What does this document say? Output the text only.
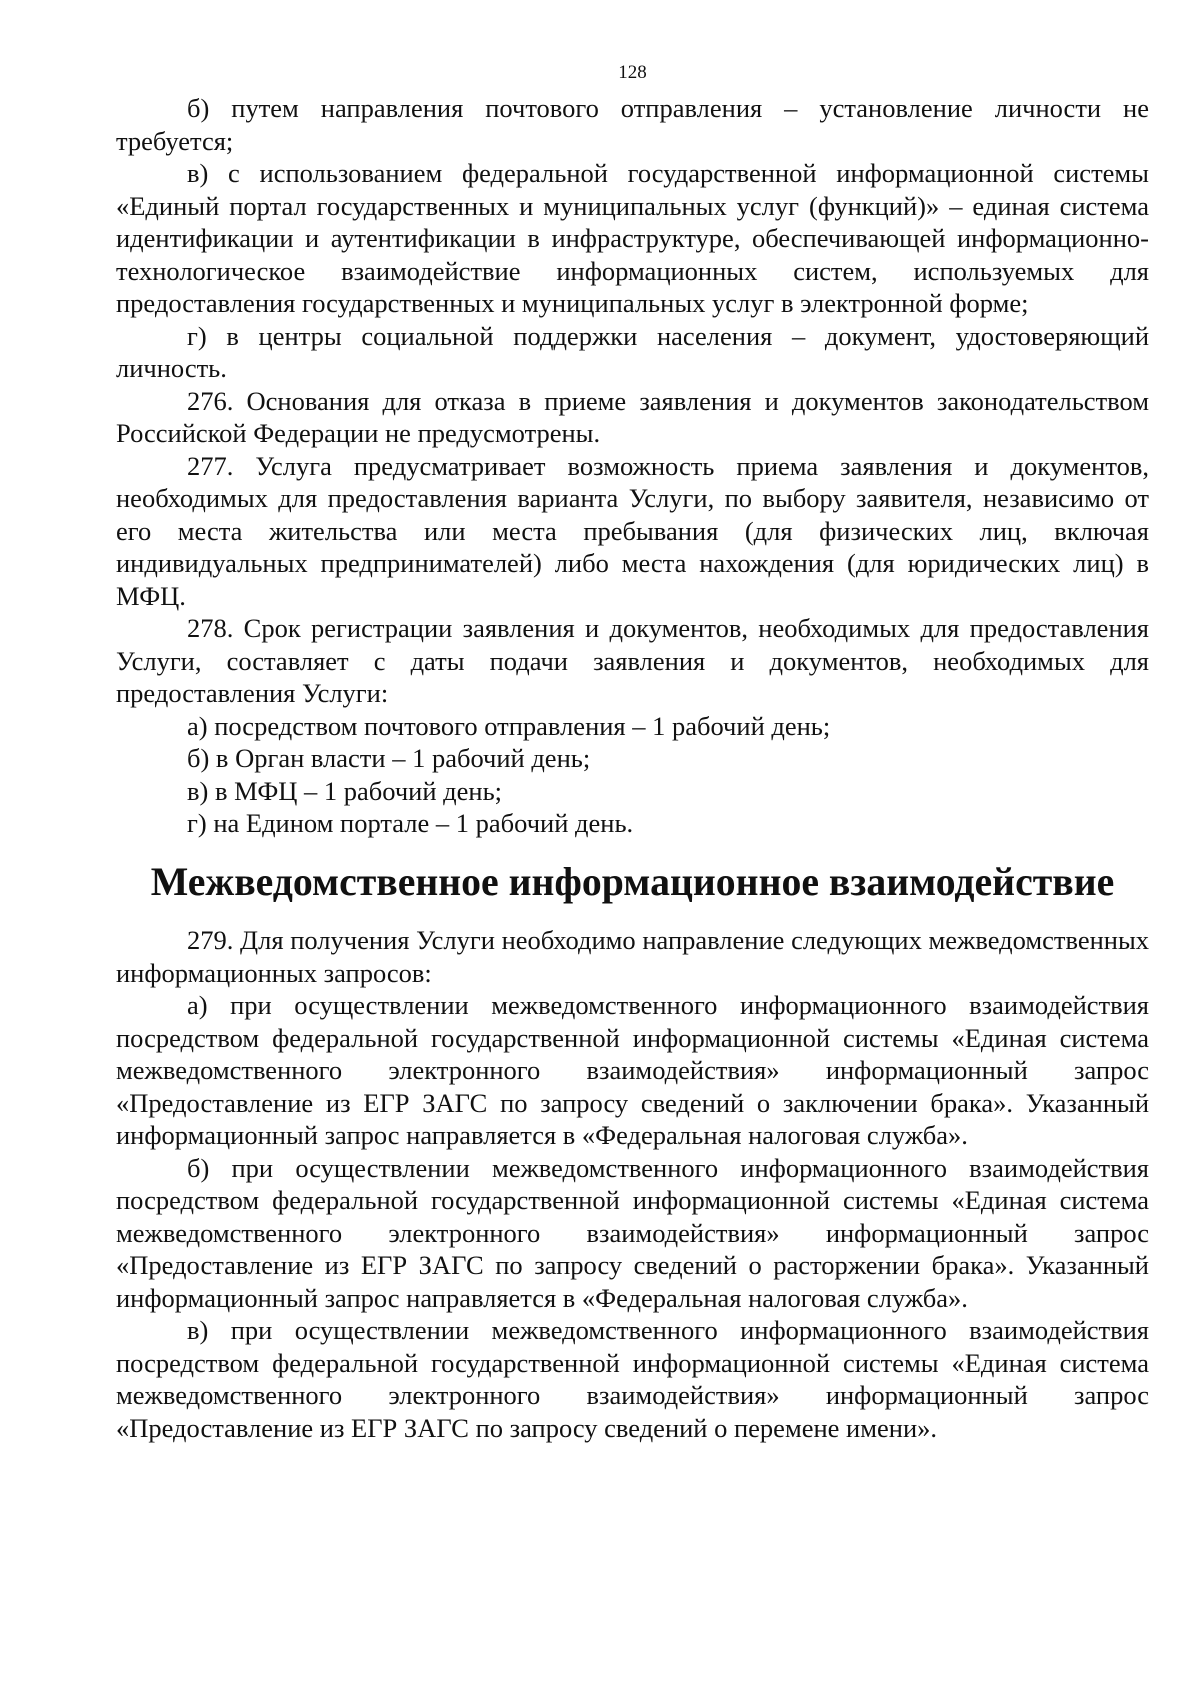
128

б) путем направления почтового отправления – установление личности не требуется;

в) с использованием федеральной государственной информационной системы «Единый портал государственных и муниципальных услуг (функций)» – единая система идентификации и аутентификации в инфраструктуре, обеспечивающей информационно-технологическое взаимодействие информационных систем, используемых для предоставления государственных и муниципальных услуг в электронной форме;

г) в центры социальной поддержки населения – документ, удостоверяющий личность.

276. Основания для отказа в приеме заявления и документов законодательством Российской Федерации не предусмотрены.

277. Услуга предусматривает возможность приема заявления и документов, необходимых для предоставления варианта Услуги, по выбору заявителя, независимо от его места жительства или места пребывания (для физических лиц, включая индивидуальных предпринимателей) либо места нахождения (для юридических лиц) в МФЦ.

278. Срок регистрации заявления и документов, необходимых для предоставления Услуги, составляет с даты подачи заявления и документов, необходимых для предоставления Услуги:

а) посредством почтового отправления – 1 рабочий день;

б) в Орган власти – 1 рабочий день;

в) в МФЦ – 1 рабочий день;

г) на Едином портале – 1 рабочий день.

Межведомственное информационное взаимодействие

279. Для получения Услуги необходимо направление следующих межведомственных информационных запросов:

а) при осуществлении межведомственного информационного взаимодействия посредством федеральной государственной информационной системы «Единая система межведомственного электронного взаимодействия» информационный запрос «Предоставление из ЕГР ЗАГС по запросу сведений о заключении брака». Указанный информационный запрос направляется в «Федеральная налоговая служба».

б) при осуществлении межведомственного информационного взаимодействия посредством федеральной государственной информационной системы «Единая система межведомственного электронного взаимодействия» информационный запрос «Предоставление из ЕГР ЗАГС по запросу сведений о расторжении брака». Указанный информационный запрос направляется в «Федеральная налоговая служба».

в) при осуществлении межведомственного информационного взаимодействия посредством федеральной государственной информационной системы «Единая система межведомственного электронного взаимодействия» информационный запрос «Предоставление из ЕГР ЗАГС по запросу сведений о перемене имени».
